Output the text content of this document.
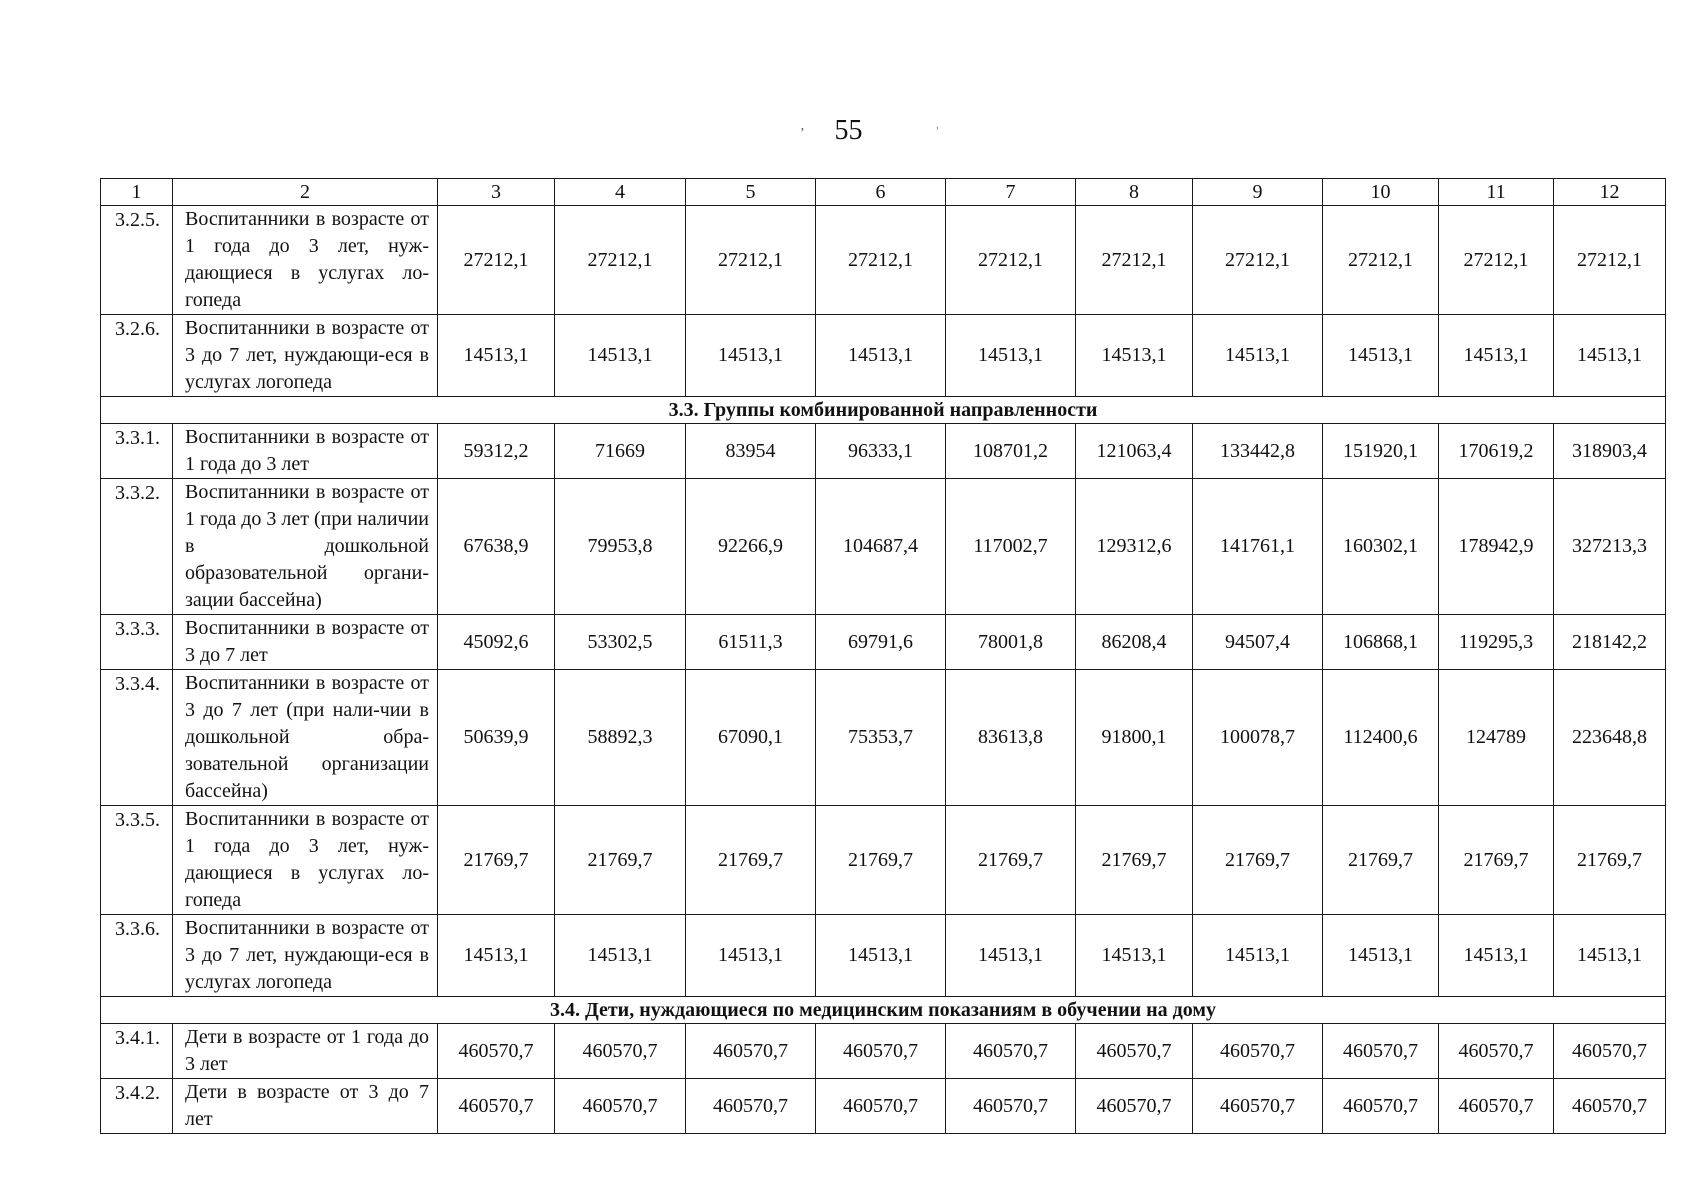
55
ʼ	ʾ
1	2	3	4	5	6	7	8	9	10	11	12
3.2.5.	Воспитанники в возрасте от 1 года до 3 лет, нуж-дающиеся в услугах ло-гопеда	27212,1	27212,1	27212,1	27212,1	27212,1	27212,1	27212,1	27212,1	27212,1	27212,1
3.2.6.	Воспитанники в возрасте от 3 до 7 лет, нуждающи-еся в услугах логопеда	14513,1	14513,1	14513,1	14513,1	14513,1	14513,1	14513,1	14513,1	14513,1	14513,1
3.3. Группы комбинированной направленности											
3.3.1.	Воспитанники в возрасте от 1 года до 3 лет	59312,2	71669	83954	96333,1	108701,2	121063,4	133442,8	151920,1	170619,2	318903,4
3.3.2.	Воспитанники в возрасте от 1 года до 3 лет (при наличии в дошкольной образовательной органи-зации бассейна)	67638,9	79953,8	92266,9	104687,4	117002,7	129312,6	141761,1	160302,1	178942,9	327213,3
3.3.3.	Воспитанники в возрасте от 3 до 7 лет	45092,6	53302,5	61511,3	69791,6	78001,8	86208,4	94507,4	106868,1	119295,3	218142,2
3.3.4.	Воспитанники в возрасте от 3 до 7 лет (при нали-чии в дошкольной обра-зовательной организации бассейна)	50639,9	58892,3	67090,1	75353,7	83613,8	91800,1	100078,7	112400,6	124789	223648,8
3.3.5.	Воспитанники в возрасте от 1 года до 3 лет, нуж-дающиеся в услугах ло-гопеда	21769,7	21769,7	21769,7	21769,7	21769,7	21769,7	21769,7	21769,7	21769,7	21769,7
3.3.6.	Воспитанники в возрасте от 3 до 7 лет, нуждающи-еся в услугах логопеда	14513,1	14513,1	14513,1	14513,1	14513,1	14513,1	14513,1	14513,1	14513,1	14513,1
3.4. Дети, нуждающиеся по медицинским показаниям в обучении на дому											
3.4.1.	Дети в возрасте от 1 года до 3 лет	460570,7	460570,7	460570,7	460570,7	460570,7	460570,7	460570,7	460570,7	460570,7	460570,7
3.4.2.	Дети в возрасте от 3 до 7 лет	460570,7	460570,7	460570,7	460570,7	460570,7	460570,7	460570,7	460570,7	460570,7	460570,7
